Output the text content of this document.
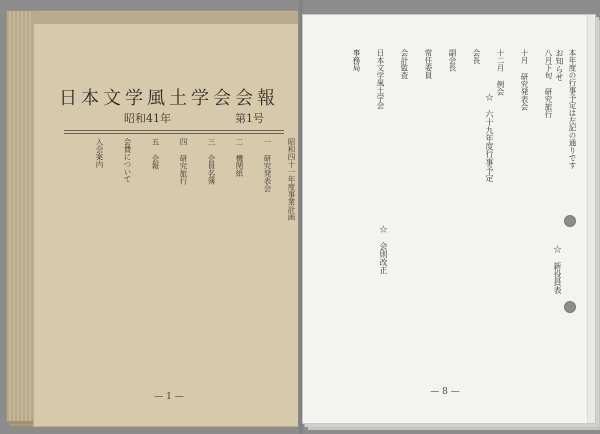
日本文学風土学会会報
昭和41年	第1号
昭和四十一年度事業計画
一 研究発表会
二 機関紙
三 会員名簿
四 研究旅行
五 会報
会費について
入会案内
— 1 —
お知らせ
☆ 六十九年度行事予定
☆ 新役員表
☆ 会則改正
本年度の行事予定は左記の通りです
八月下旬 研究旅行
十月 研究発表会
十二月 例会
会長
副会長
常任委員
会計監査
日本文学風土学会
事務局
— 8 —
